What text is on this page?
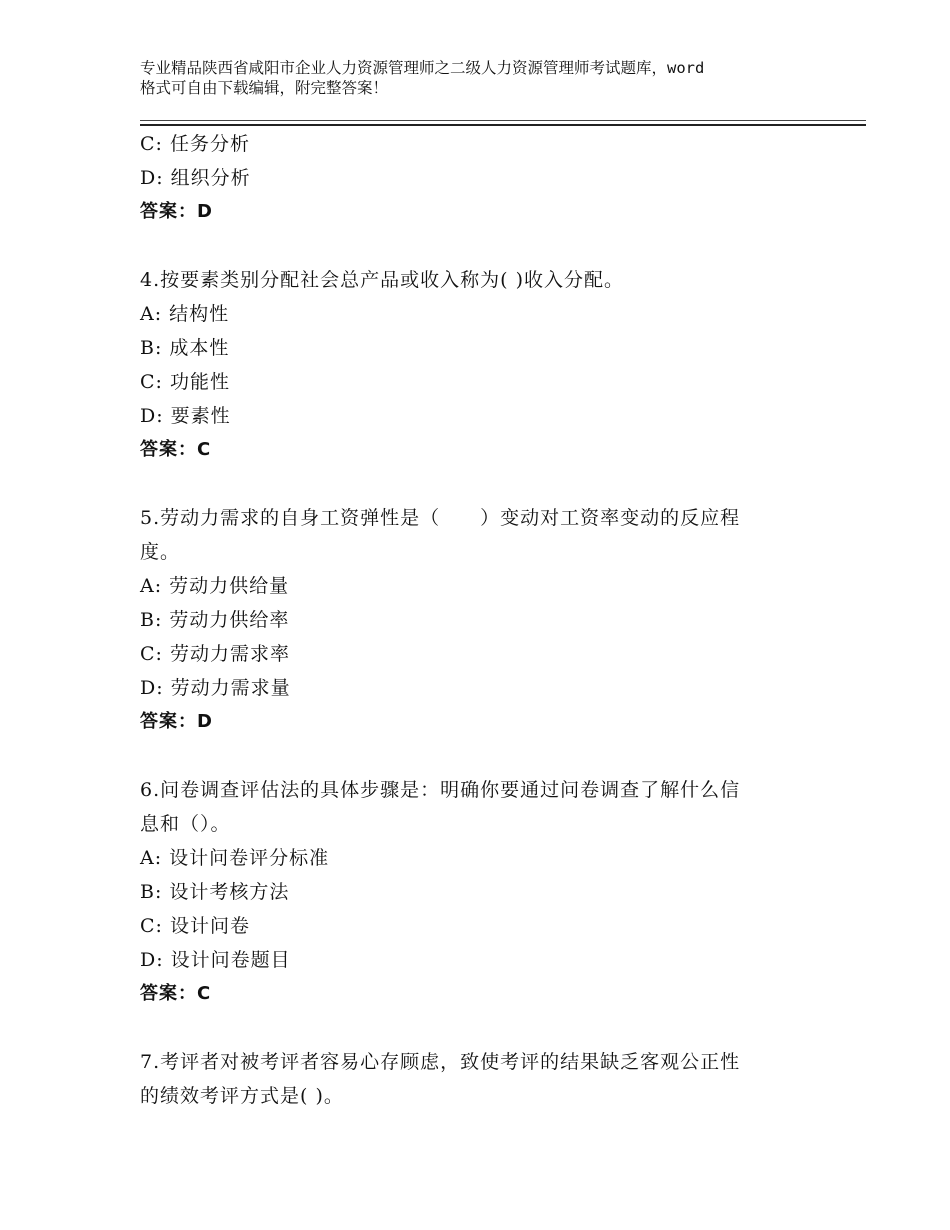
专业精品陕西省咸阳市企业人力资源管理师之二级人力资源管理师考试题库，word
格式可自由下载编辑，附完整答案！
C: 任务分析
D: 组织分析
答案：D
4.按要素类别分配社会总产品或收入称为( )收入分配。
A: 结构性
B: 成本性
C: 功能性
D: 要素性
答案：C
5.劳动力需求的自身工资弹性是（　　）变动对工资率变动的反应程
度。
A: 劳动力供给量
B: 劳动力供给率
C: 劳动力需求率
D: 劳动力需求量
答案：D
6.问卷调查评估法的具体步骤是：明确你要通过问卷调查了解什么信
息和（）。
A: 设计问卷评分标准
B: 设计考核方法
C: 设计问卷
D: 设计问卷题目
答案：C
7.考评者对被考评者容易心存顾虑，致使考评的结果缺乏客观公正性
的绩效考评方式是( )。
